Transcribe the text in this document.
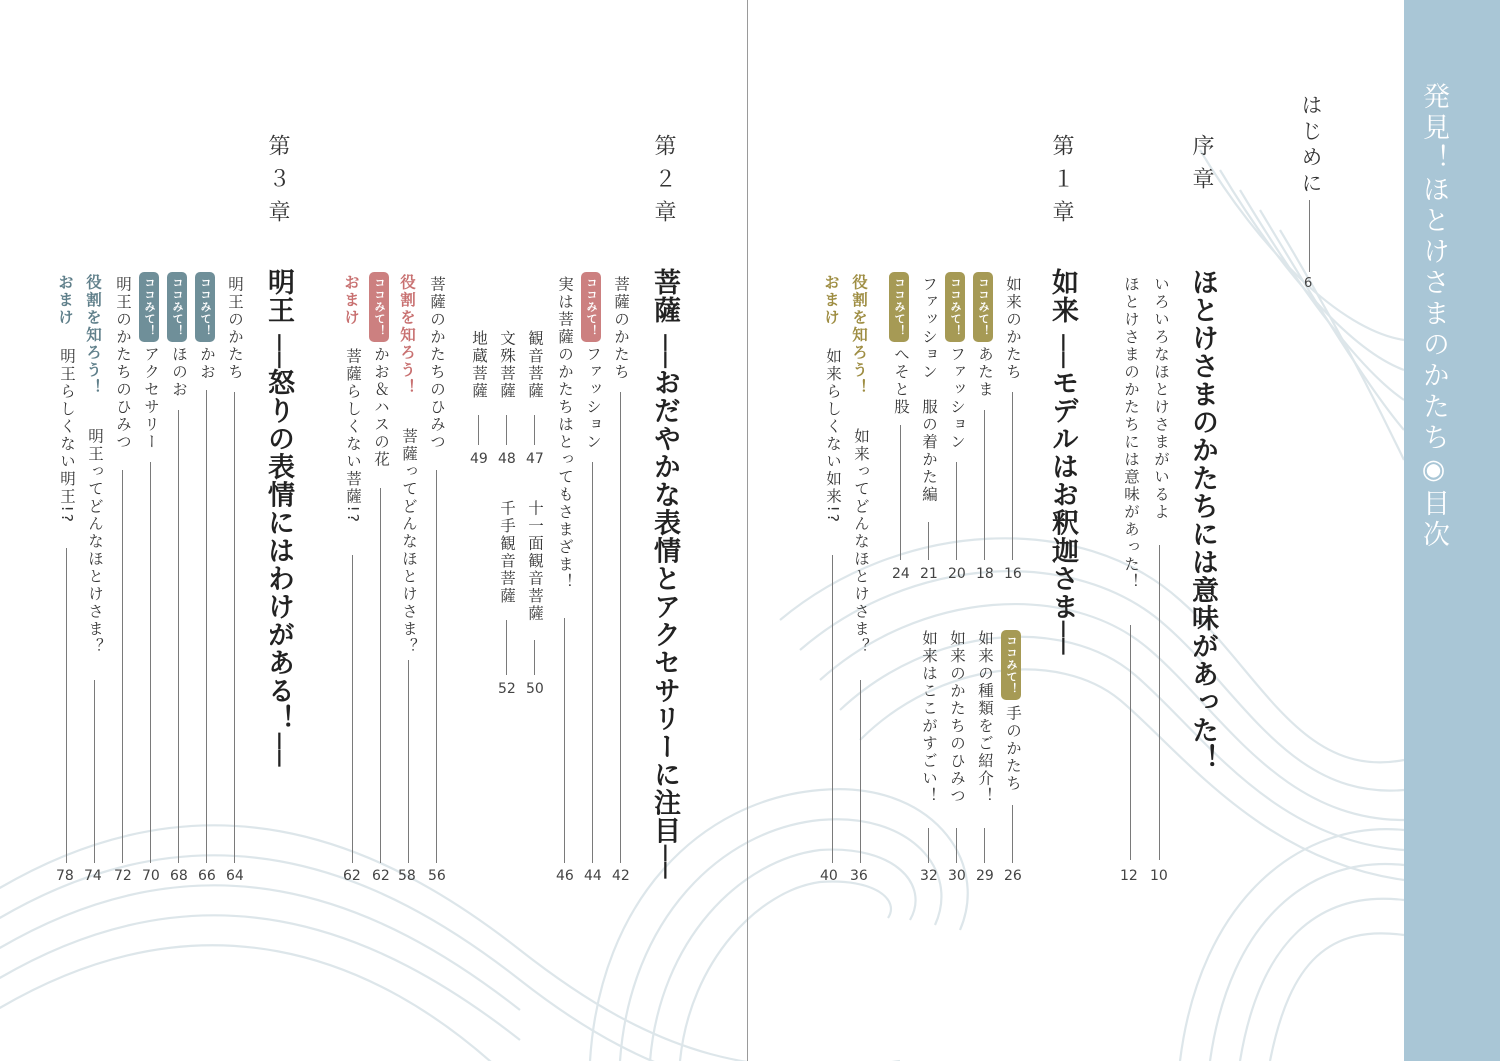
発見！ほとけさまのかたち◉目次
はじめに
6
序章
ほとけさまのかたちには意味があった！
いろいろなほとけさまがいるよ
10
ほとけさまのかたちには意味があった！
12
第１章
如来 ──モデルはお釈迦さま──
如来のかたち
16
ココみて！
あたま
18
ココみて！
ファッション
20
ファッション　服の着かた編
21
ココみて！
へそと股
24
ココみて！
手のかたち
26
如来の種類をご紹介！
29
如来のかたちのひみつ
30
如来はここがすごい！
32
役割を知ろう！
如来ってどんなほとけさま？
36
おまけ
如来らしくない如来!?
40
第２章
菩薩 ──おだやかな表情とアクセサリーに注目──
菩薩のかたち
42
ココみて！
ファッション
44
実は菩薩のかたちはとってもさまざま！
46
観音菩薩
47
十一面観音菩薩
50
文殊菩薩
48
千手観音菩薩
52
地蔵菩薩
49
菩薩のかたちのひみつ
56
役割を知ろう！
菩薩ってどんなほとけさま？
58
ココみて！
かお＆ハスの花
62
おまけ
菩薩らしくない菩薩!?
62
第３章
明王 ──怒りの表情にはわけがある！──
明王のかたち
64
ココみて！
かお
66
ココみて！
ほのお
68
ココみて！
アクセサリー
70
明王のかたちのひみつ
72
役割を知ろう！
明王ってどんなほとけさま？
74
おまけ
明王らしくない明王!?
78
